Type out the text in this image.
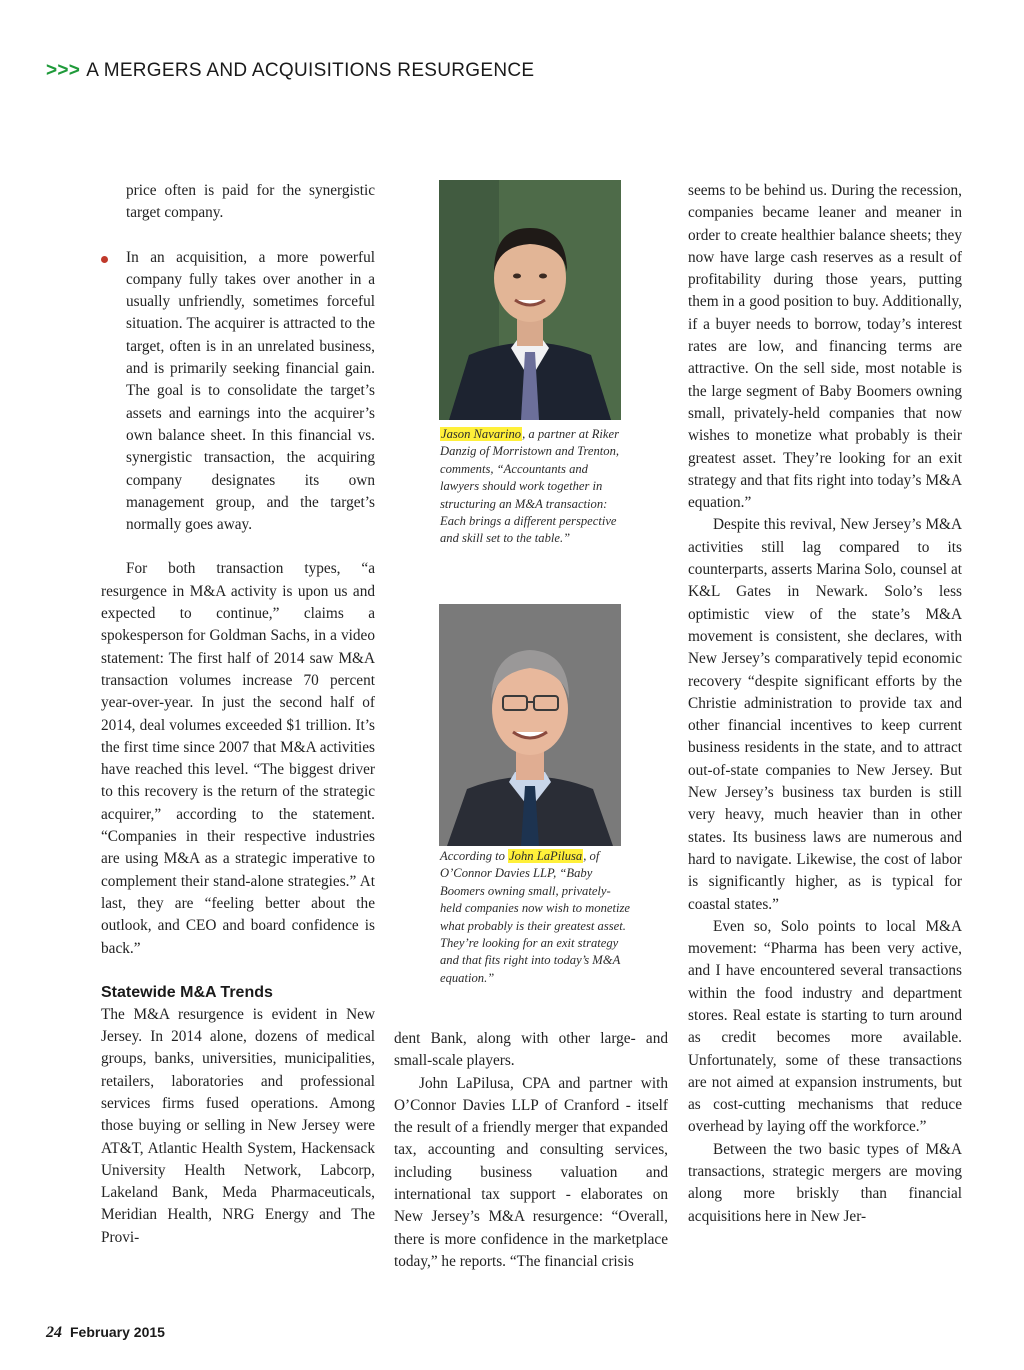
>>> A MERGERS AND ACQUISITIONS RESURGENCE

price often is paid for the synergistic target company.

In an acquisition, a more powerful company fully takes over another in a usually unfriendly, sometimes forceful situation. The acquirer is attracted to the target, often is in an unrelated business, and is primarily seeking financial gain. The goal is to consolidate the target’s assets and earnings into the acquirer’s own balance sheet. In this financial vs. synergistic transaction, the acquiring company designates its own management group, and the target’s normally goes away.

For both transaction types, “a resurgence in M&A activity is upon us and expected to continue,” claims a spokesperson for Goldman Sachs, in a video statement: The first half of 2014 saw M&A transaction volumes increase 70 percent year-over-year. In just the second half of 2014, deal volumes exceeded $1 trillion. It’s the first time since 2007 that M&A activities have reached this level. “The biggest driver to this recovery is the return of the strategic acquirer,” according to the statement. “Companies in their respective industries are using M&A as a strategic imperative to complement their stand-alone strategies.” At last, they are “feeling better about the outlook, and CEO and board confidence is back.”

Statewide M&A Trends

The M&A resurgence is evident in New Jersey. In 2014 alone, dozens of medical groups, banks, universities, municipalities, retailers, laboratories and professional services firms fused operations. Among those buying or selling in New Jersey were AT&T, Atlantic Health System, Hackensack University Health Network, Labcorp, Lakeland Bank, Meda Pharmaceuticals, Meridian Health, NRG Energy and The Provi-

Jason Navarino, a partner at Riker Danzig of Morristown and Trenton, comments, “Accountants and lawyers should work together in structuring an M&A transaction: Each brings a different perspective and skill set to the table.”
According to John LaPilusa, of O’Connor Davies LLP, “Baby Boomers owning small, privately-held companies now wish to monetize what probably is their greatest asset. They’re looking for an exit strategy and that fits right into today’s M&A equation.”

dent Bank, along with other large- and small-scale players.

John LaPilusa, CPA and partner with O’Connor Davies LLP of Cranford - itself the result of a friendly merger that expanded tax, accounting and consulting services, including business valuation and international tax support - elaborates on New Jersey’s M&A resurgence: “Overall, there is more confidence in the marketplace today,” he reports. “The financial crisis

seems to be behind us. During the recession, companies became leaner and meaner in order to create healthier balance sheets; they now have large cash reserves as a result of profitability during those years, putting them in a good position to buy. Additionally, if a buyer needs to borrow, today’s interest rates are low, and financing terms are attractive. On the sell side, most notable is the large segment of Baby Boomers owning small, privately-held companies that now wishes to monetize what probably is their greatest asset. They’re looking for an exit strategy and that fits right into today’s M&A equation.”

Despite this revival, New Jersey’s M&A activities still lag compared to its counterparts, asserts Marina Solo, counsel at K&L Gates in Newark. Solo’s less optimistic view of the state’s M&A movement is consistent, she declares, with New Jersey’s comparatively tepid economic recovery “despite significant efforts by the Christie administration to provide tax and other financial incentives to keep current business residents in the state, and to attract out-of-state companies to New Jersey. But New Jersey’s business tax burden is still very heavy, much heavier than in other states. Its business laws are numerous and hard to navigate. Likewise, the cost of labor is significantly higher, as is typical for coastal states.”

Even so, Solo points to local M&A movement: “Pharma has been very active, and I have encountered several transactions within the food industry and department stores. Real estate is starting to turn around as credit becomes more available. Unfortunately, some of these transactions are not aimed at expansion instruments, but as cost-cutting mechanisms that reduce overhead by laying off the workforce.”

Between the two basic types of M&A transactions, strategic mergers are moving along more briskly than financial acquisitions here in New Jer-

24 February 2015
